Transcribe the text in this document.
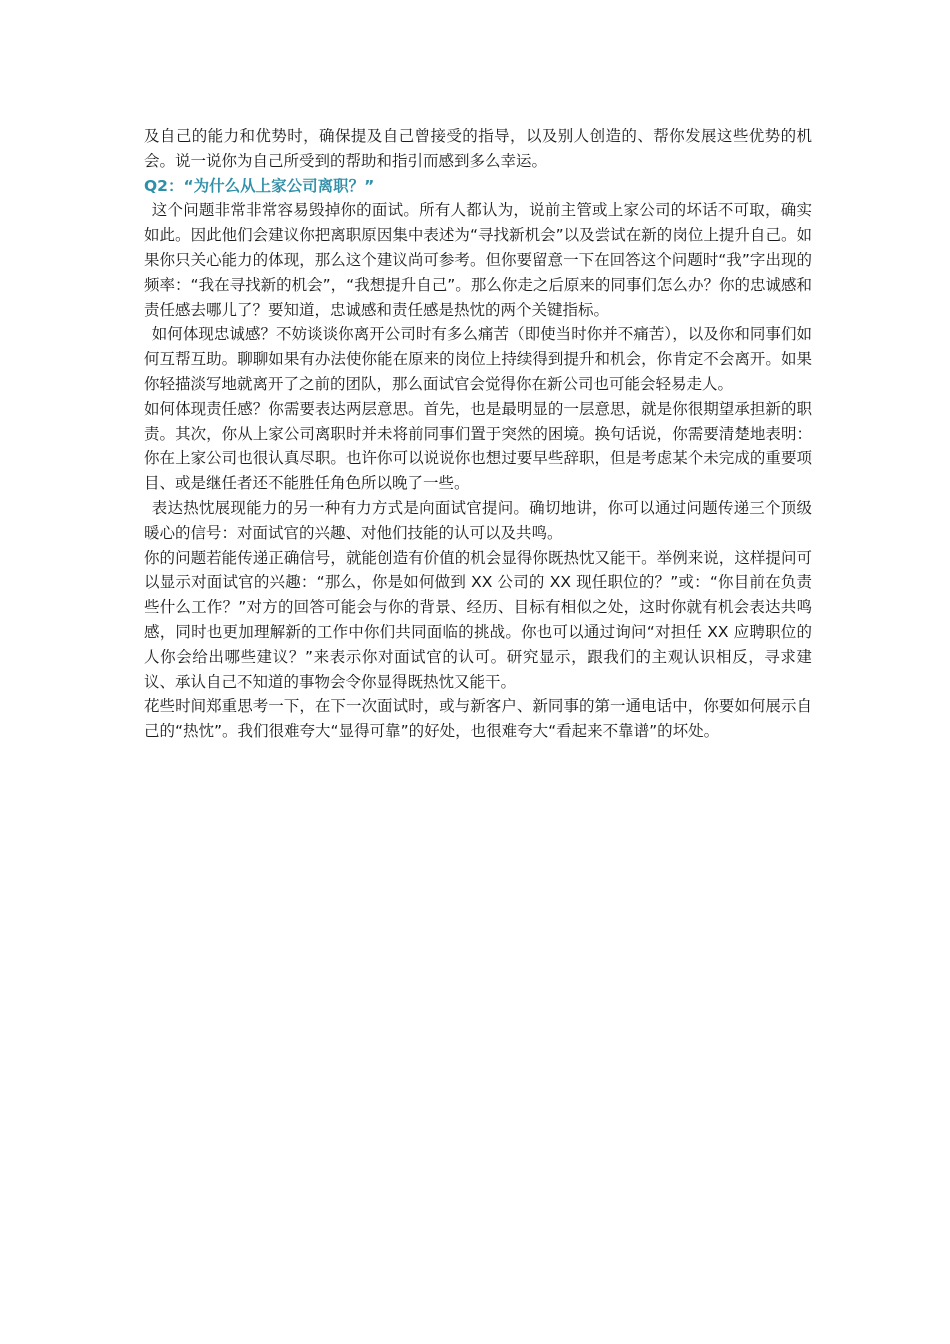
及自己的能力和优势时，确保提及自己曾接受的指导，以及别人创造的、帮你发展这些优势的机会。说一说你为自己所受到的帮助和指引而感到多么幸运。

Q2：“为什么从上家公司离职？”

这个问题非常非常容易毁掉你的面试。所有人都认为，说前主管或上家公司的坏话不可取，确实如此。因此他们会建议你把离职原因集中表述为“寻找新机会”以及尝试在新的岗位上提升自己。如果你只关心能力的体现，那么这个建议尚可参考。但你要留意一下在回答这个问题时“我”字出现的频率：“我在寻找新的机会”，“我想提升自己”。那么你走之后原来的同事们怎么办？你的忠诚感和责任感去哪儿了？要知道，忠诚感和责任感是热忱的两个关键指标。

如何体现忠诚感？不妨谈谈你离开公司时有多么痛苦（即使当时你并不痛苦），以及你和同事们如何互帮互助。聊聊如果有办法使你能在原来的岗位上持续得到提升和机会，你肯定不会离开。如果你轻描淡写地就离开了之前的团队，那么面试官会觉得你在新公司也可能会轻易走人。

如何体现责任感？你需要表达两层意思。首先，也是最明显的一层意思，就是你很期望承担新的职责。其次，你从上家公司离职时并未将前同事们置于突然的困境。换句话说，你需要清楚地表明：你在上家公司也很认真尽职。也许你可以说说你也想过要早些辞职，但是考虑某个未完成的重要项目、或是继任者还不能胜任角色所以晚了一些。

表达热忱展现能力的另一种有力方式是向面试官提问。确切地讲，你可以通过问题传递三个顶级暖心的信号：对面试官的兴趣、对他们技能的认可以及共鸣。

你的问题若能传递正确信号，就能创造有价值的机会显得你既热忱又能干。举例来说，这样提问可以显示对面试官的兴趣：“那么，你是如何做到 XX 公司的 XX 现任职位的？”或：“你目前在负责些什么工作？”对方的回答可能会与你的背景、经历、目标有相似之处，这时你就有机会表达共鸣感，同时也更加理解新的工作中你们共同面临的挑战。你也可以通过询问“对担任 XX 应聘职位的人你会给出哪些建议？”来表示你对面试官的认可。研究显示，跟我们的主观认识相反，寻求建议、承认自己不知道的事物会令你显得既热忱又能干。

花些时间郑重思考一下，在下一次面试时，或与新客户、新同事的第一通电话中，你要如何展示自己的“热忱”。我们很难夸大“显得可靠”的好处，也很难夸大“看起来不靠谱”的坏处。
